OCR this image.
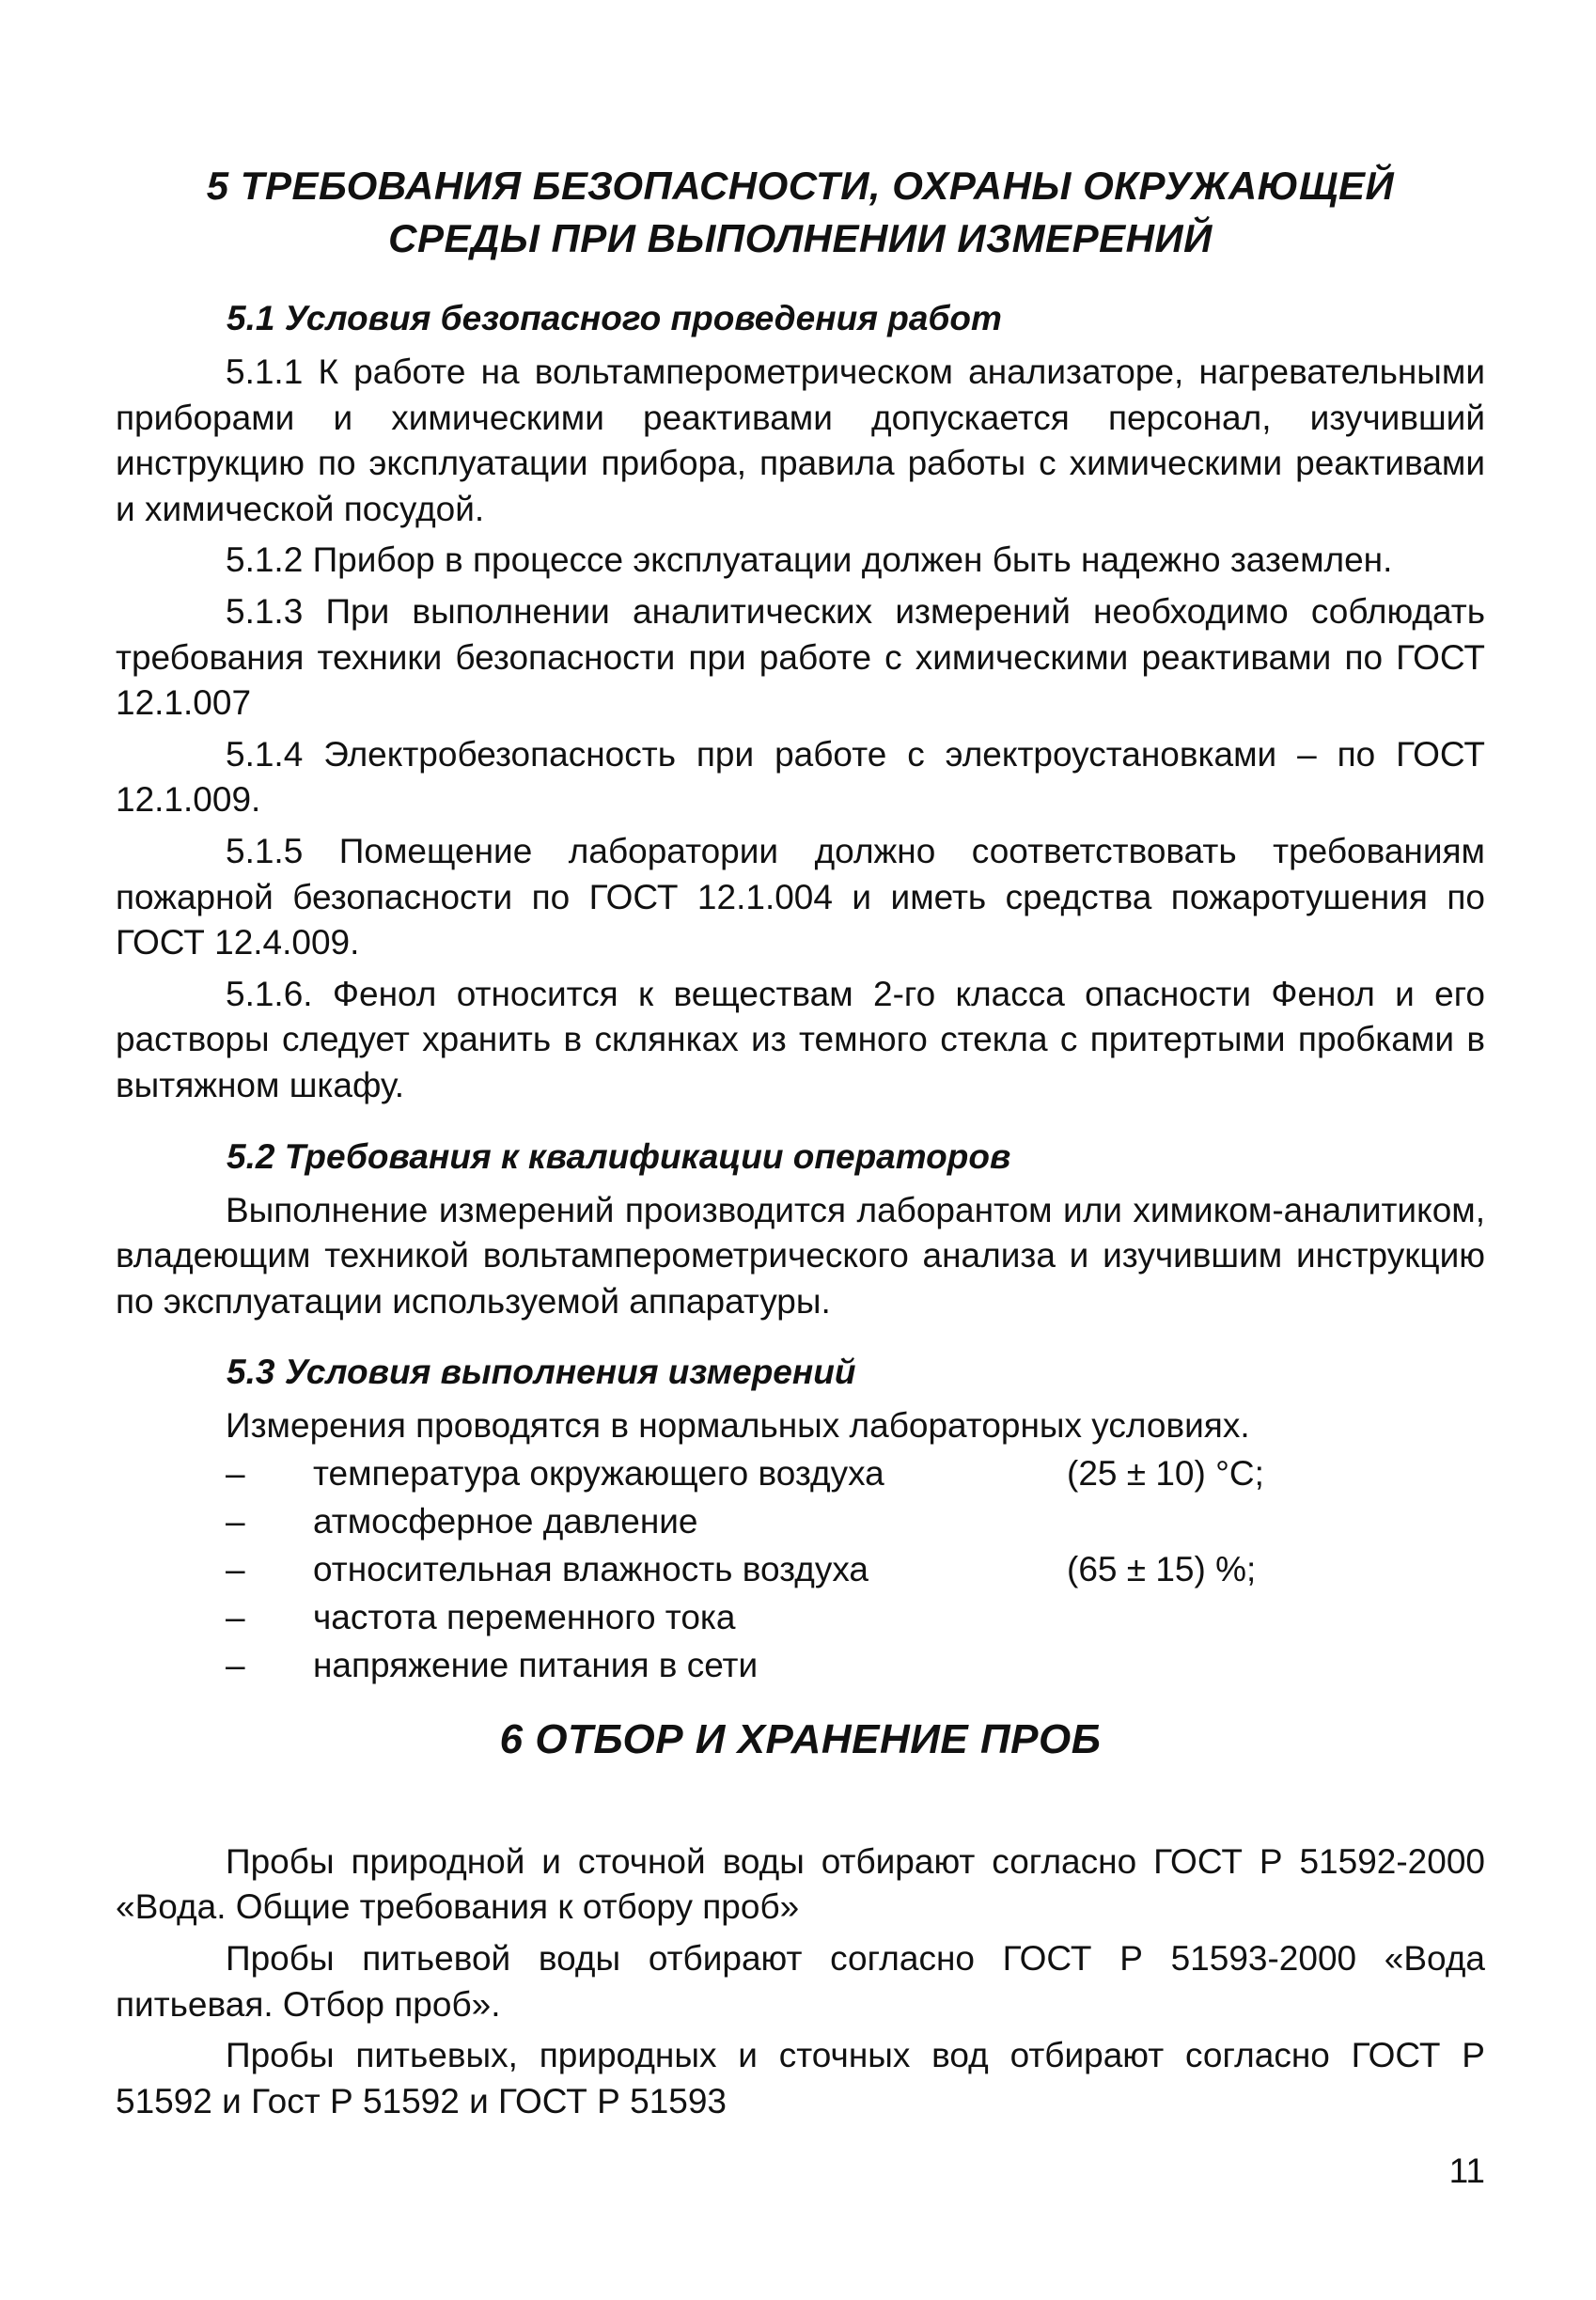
5 ТРЕБОВАНИЯ БЕЗОПАСНОСТИ, ОХРАНЫ ОКРУЖАЮЩЕЙ
СРЕДЫ ПРИ ВЫПОЛНЕНИИ ИЗМЕРЕНИЙ
5.1 Условия безопасного проведения работ

5.1.1 К работе на вольтамперометрическом анализаторе, нагревательными приборами и химическими реактивами допускается персонал, изучивший инструкцию по эксплуатации прибора, правила работы с химическими реактивами и химической посудой.

5.1.2 Прибор в процессе эксплуатации должен быть надежно заземлен.

5.1.3 При выполнении аналитических измерений необходимо соблюдать требования техники безопасности при работе с химическими реактивами по ГОСТ 12.1.007

5.1.4 Электробезопасность при работе с электроустановками – по ГОСТ 12.1.009.

5.1.5 Помещение лаборатории должно соответствовать требованиям пожарной безопасности по ГОСТ 12.1.004 и иметь средства пожаротушения по ГОСТ 12.4.009.

5.1.6. Фенол относится к веществам 2-го класса опасности Фенол и его растворы следует хранить в склянках из темного стекла с притертыми пробками в вытяжном шкафу.

5.2 Требования к квалификации операторов

Выполнение измерений производится лаборантом или химиком-аналитиком, владеющим техникой вольтамперометрического анализа и изучившим инструкцию по эксплуатации используемой аппаратуры.

5.3 Условия выполнения измерений

Измерения проводятся в нормальных лабораторных условиях.

–	температура окружающего воздуха	(25 ± 10) °С;
–	атмосферное давление
–	относительная влажность воздуха	(65 ± 15) %;
–	частота переменного тока
–	напряжение питания в сети
6 ОТБОР И ХРАНЕНИЕ ПРОБ

Пробы природной и сточной воды отбирают согласно ГОСТ Р 51592-2000 «Вода. Общие требования к отбору проб»

Пробы питьевой воды отбирают согласно ГОСТ Р 51593-2000 «Вода питьевая. Отбор проб».

Пробы питьевых, природных и сточных вод отбирают согласно ГОСТ Р 51592 и Гост Р 51592 и ГОСТ Р 51593

11
